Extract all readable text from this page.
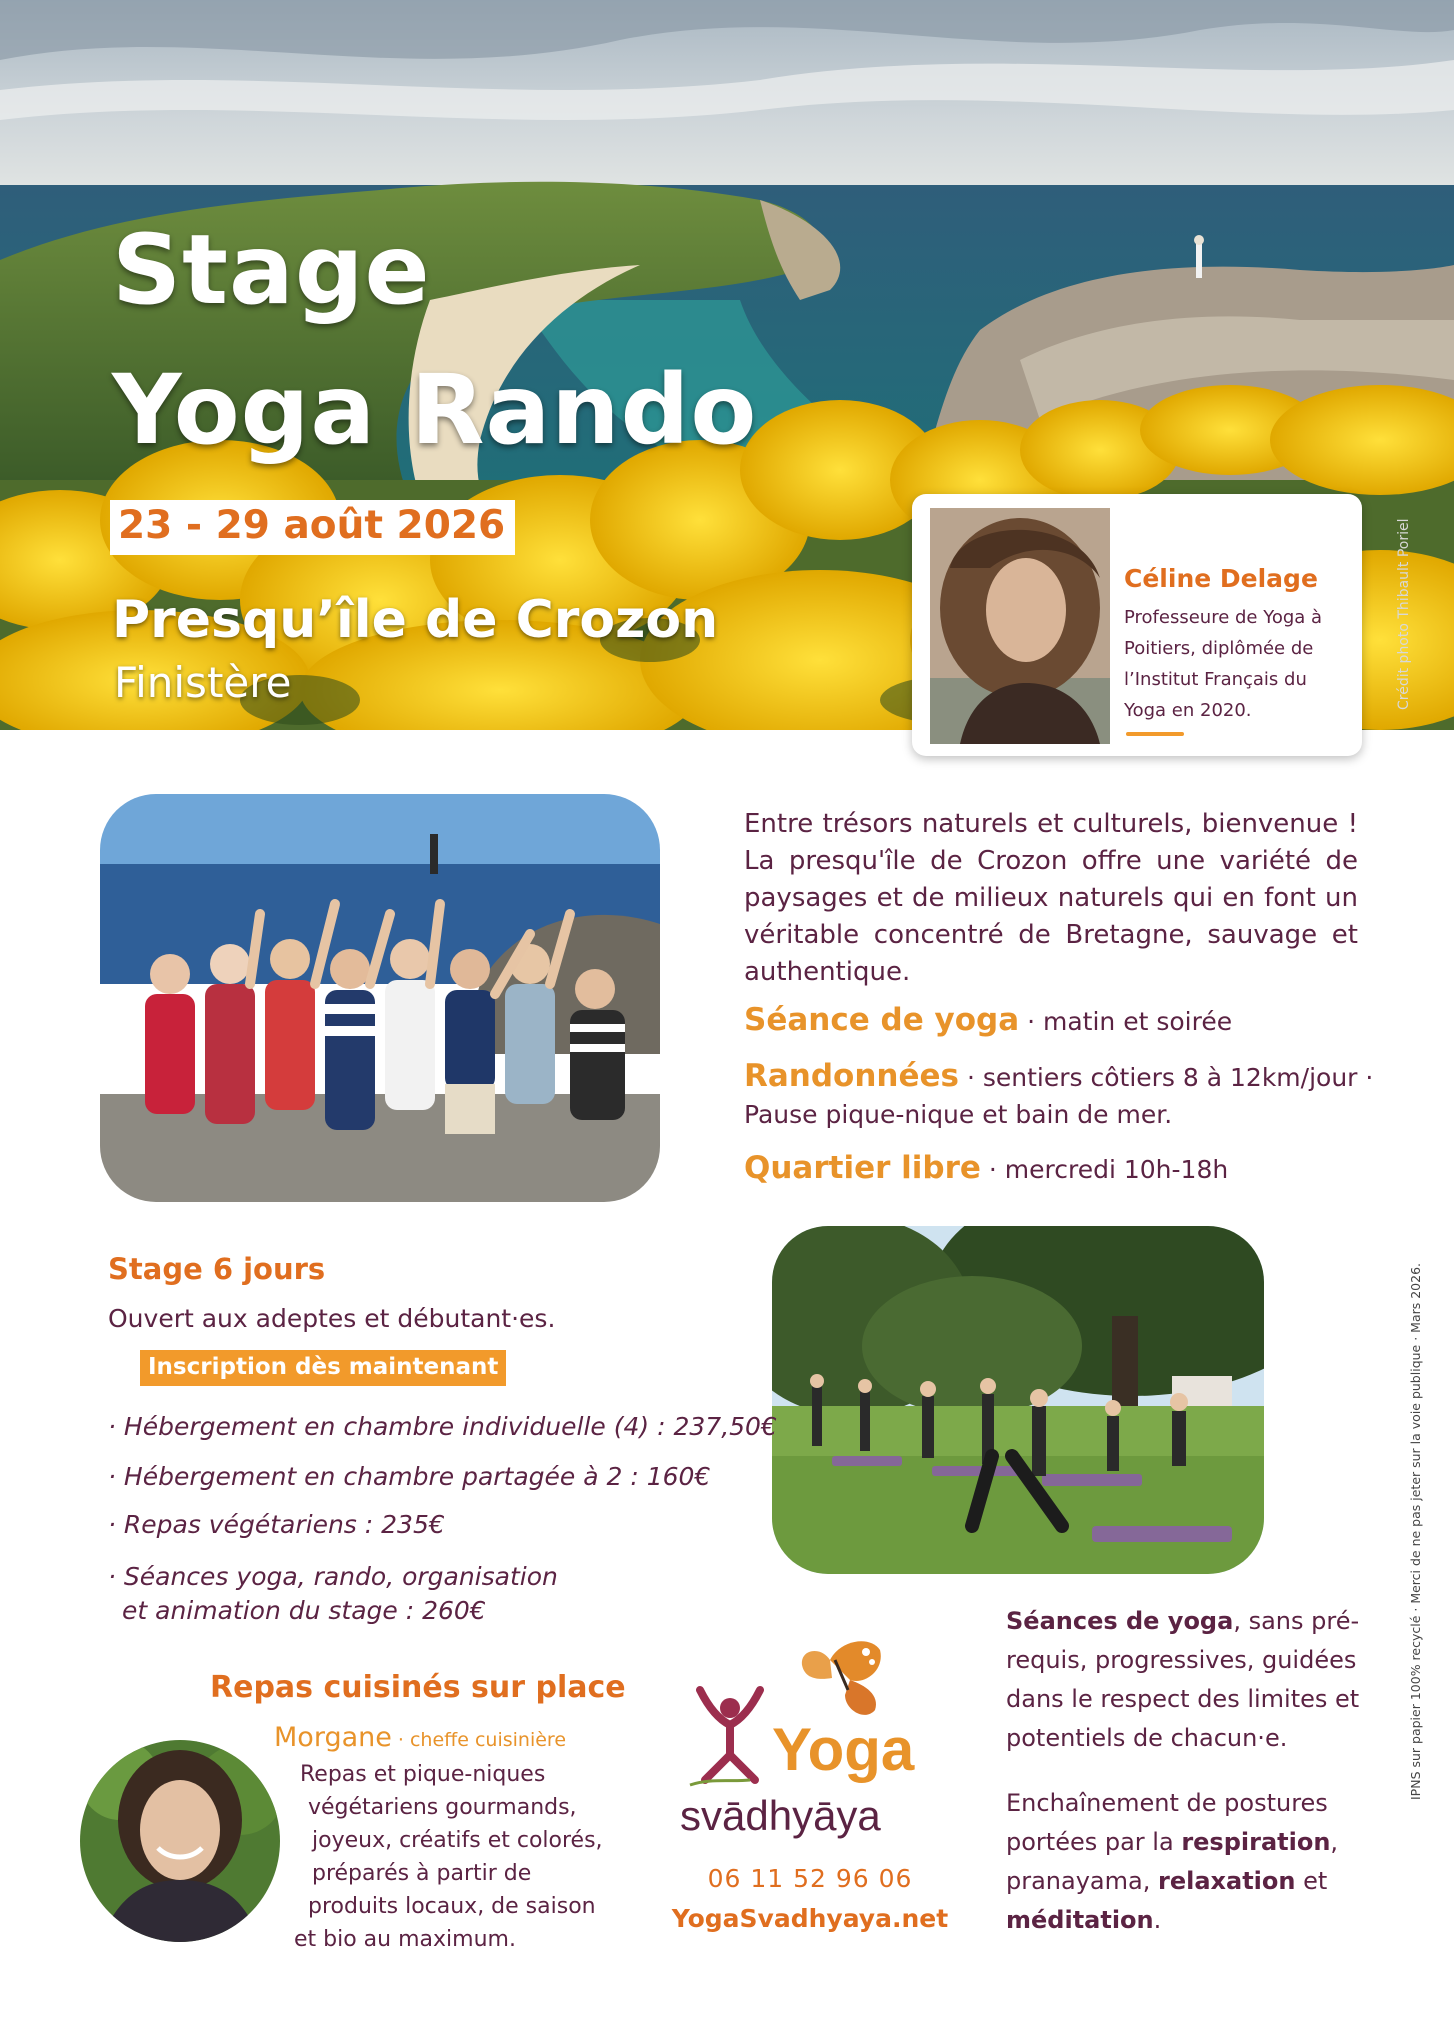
Stage
Yoga Rando
23 - 29 août 2026
Presqu’île de Crozon
Finistère	Crédit photo Thibault Poriel
Céline Delage
Professeure de Yoga à
Poitiers, diplômée de
l’Institut Français du
Yoga en 2020.
Entre trésors naturels et culturels, bienvenue ! La presqu'île de Crozon offre une variété de paysages et de milieux naturels qui en font un véritable concentré de Bretagne, sauvage et authentique.
Séance de yoga · matin et soirée
Randonnées · sentiers côtiers 8 à 12km/jour ·
Pause pique-nique et bain de mer.
Quartier libre · mercredi 10h-18h
Stage 6 jours
Ouvert aux adeptes et débutant·es.
Inscription dès maintenant
· Hébergement en chambre individuelle (4) : 237,50€
· Hébergement en chambre partagée à 2 : 160€
· Repas végétariens : 235€
· Séances yoga, rando, organisation
et animation du stage : 260€
Repas cuisinés sur place
Morgane · cheffe cuisinière
Repas et pique-niques
végétariens gourmands,
joyeux, créatifs et colorés,
préparés à partir de
produits locaux, de saison
et bio au maximum.
Yoga
svādhyāya
06 11 52 96 06
YogaSvadhyaya.net
Séances de yoga, sans pré-requis, progressives, guidées dans le respect des limites et potentiels de chacun·e.
Enchaînement de postures portées par la respiration, pranayama, relaxation et méditation.
IPNS sur papier 100% recyclé · Merci de ne pas jeter sur la voie publique · Mars 2026.
